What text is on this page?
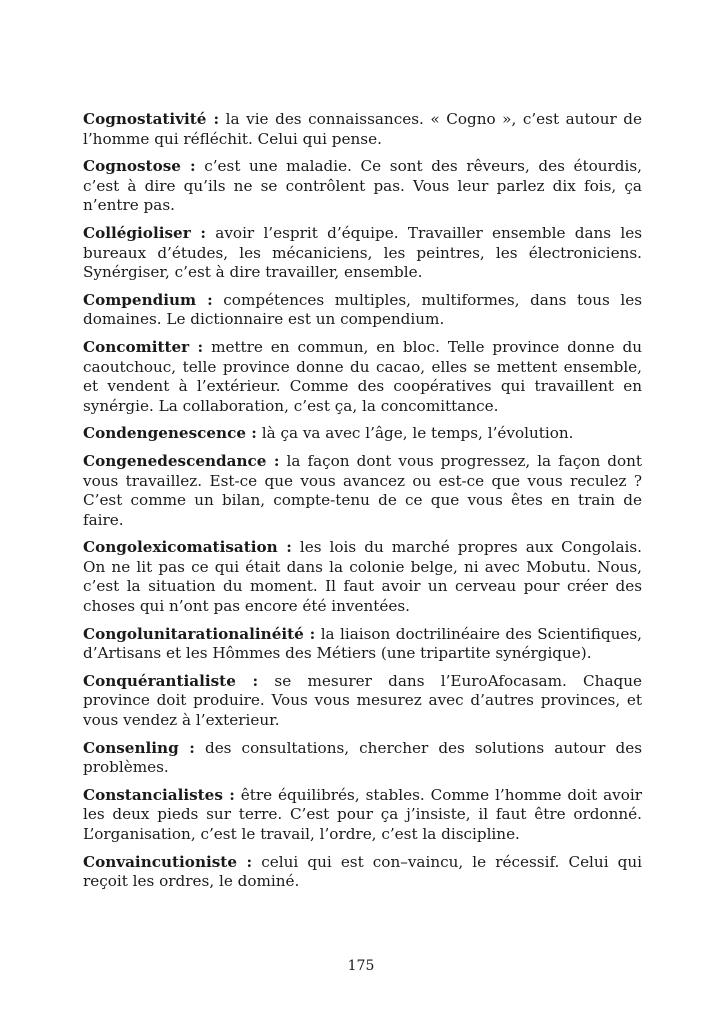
Cognostativité : la vie des connaissances. « Cogno », c’est autour de l’homme qui réfléchit. Celui qui pense.

Cognostose : c’est une maladie. Ce sont des rêveurs, des étourdis, c’est à dire qu’ils ne se contrôlent pas. Vous leur parlez dix fois, ça n’entre pas.

Collégioliser : avoir l’esprit d’équipe. Travailler ensemble dans les bureaux d’études, les mécaniciens, les peintres, les électroniciens. Synérgiser, c’est à dire travailler, ensemble.

Compendium : compétences multiples, multiformes, dans tous les domaines. Le dictionnaire est un compendium.

Concomitter : mettre en commun, en bloc. Telle province donne du caoutchouc, telle province donne du cacao, elles se mettent ensemble, et vendent à l’extérieur. Comme des coopératives qui travaillent en synérgie. La collaboration, c’est ça, la concomittance.

Condengenescence : là ça va avec l’âge, le temps, l’évolution.

Congenedescendance : la façon dont vous progressez, la façon dont vous travaillez. Est-ce que vous avancez ou est-ce que vous reculez ? C’est comme un bilan, compte-tenu de ce que vous êtes en train de faire.

Congolexicomatisation : les lois du marché propres aux Congolais. On ne lit pas ce qui était dans la colonie belge, ni avec Mobutu. Nous, c’est la situation du moment. Il faut avoir un cerveau pour créer des choses qui n’ont pas encore été inventées.

Congolunitarationalinéité : la liaison doctrilinéaire des Scientifiques, d’Artisans et les Hômmes des Métiers (une tripartite synérgique).

Conquérantialiste : se mesurer dans l’EuroAfocasam. Chaque province doit produire. Vous vous mesurez avec d’autres provinces, et vous vendez à l’exterieur.

Consenling : des consultations, chercher des solutions autour des problèmes.

Constancialistes : être équilibrés, stables. Comme l’homme doit avoir les deux pieds sur terre. C’est pour ça j’insiste, il faut être ordonné. L’organisation, c’est le travail, l’ordre, c’est la discipline.

Convaincutioniste : celui qui est con–vaincu, le récessif. Celui qui reçoit les ordres, le dominé.

175
